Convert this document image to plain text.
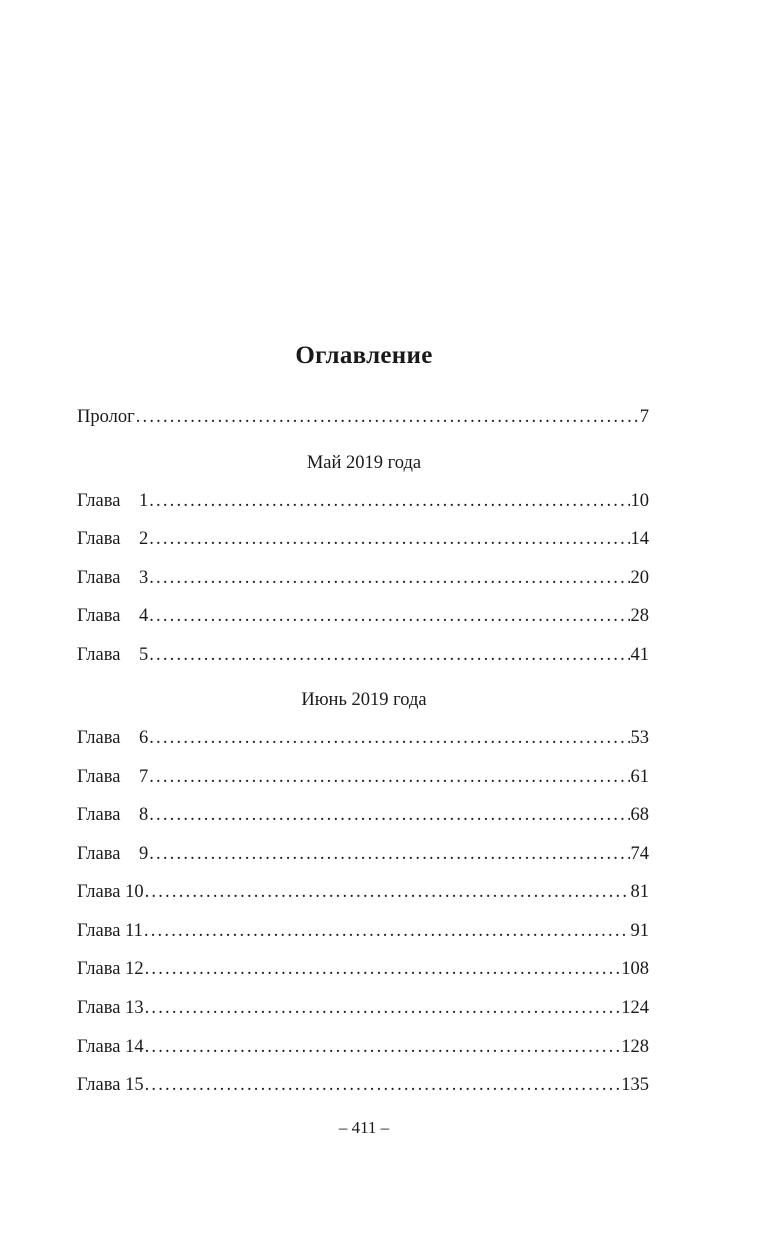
Оглавление
Пролог .....	7
Май 2019 года
Глава    1 .....	10
Глава    2 .....	14
Глава    3 .....	20
Глава    4 .....	28
Глава    5 .....	41
Июнь 2019 года
Глава    6 .....	53
Глава    7 .....	61
Глава    8 .....	68
Глава    9 .....	74
Глава 10 .....	81
Глава 11 .....	91
Глава 12 .....	108
Глава 13 .....	124
Глава 14 .....	128
Глава 15 .....	135
– 411 –
